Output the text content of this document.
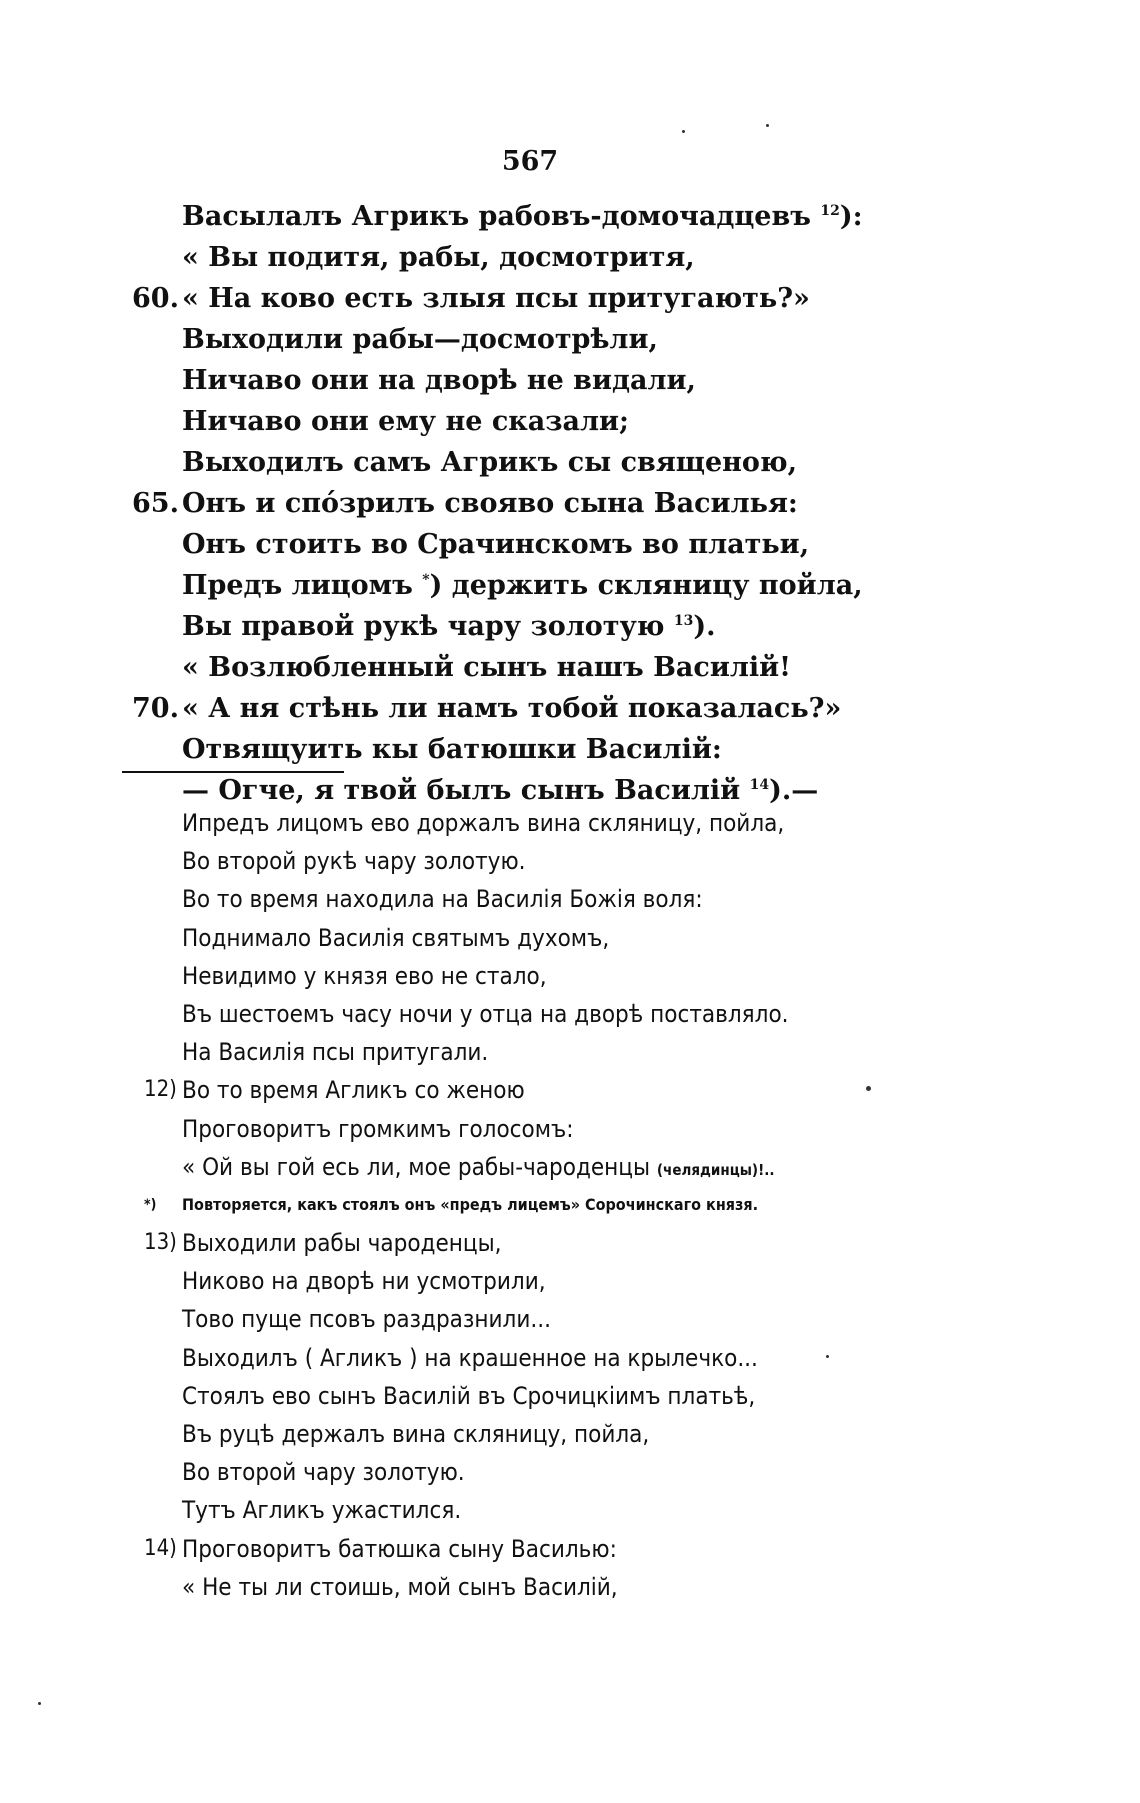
567
Васылалъ Агрикъ рабовъ-домочадцевъ $^{12}$):
« Вы подитя, рабы, досмотритя,
60. « На ково есть злыя псы притугають?»
Выходили рабы—досмотрѣли,
Ничаво они на дворѣ не видали,
Ничаво они ему не сказали;
Выходилъ самъ Агрикъ сы священою,
65. Онъ и спо́зрилъ своявo сына Василья:
Онъ стоить во Срачинскомъ во платьи,
Предъ лицомъ *) держить скляницу пойла,
Вы правой рукѣ чару золотую $^{13}$).
« Возлюбленный сынъ нашъ Василій!
70. « А ня стѣнь ли намъ тобой показалась?»
Отвящуить кы батюшки Василій:
— Огче, я твой былъ сынъ Василій $^{14}$).—
Ипредъ лицомъ ево доржалъ вина скляницу, пойла,
Во второй рукѣ чару золотую.
Во то время находила на Василія Божія воля:
Поднимало Василія святымъ духомъ,
Невидимо у князя ево не стало,
Въ шестоемъ часу ночи у отца на дворѣ поставляло.
На Василія псы притугали.
12) Во то время Агликъ со женою
Проговоритъ громкимъ голосомъ:
« Ой вы гой есь ли, мое рабы-чароденцы (челядинцы)!..
*) Повторяется, какъ стоялъ онъ «предъ лицемъ» Сорочинскаго князя.
13) Выходили рабы чароденцы,
Никово на дворѣ ни усмотрили,
Тово пуще псовъ раздразнили...
Выходилъ ( Агликъ ) на крашенное на крылечко...
Стоялъ ево сынъ Василій въ Срочицкіимъ платьѣ,
Въ руцѣ держалъ вина скляницу, пойла,
Во второй чару золотую.
Тутъ Агликъ ужастился.
14) Проговоритъ батюшка сыну Василью:
« Не ты ли стоишь, мой сынъ Василій,
